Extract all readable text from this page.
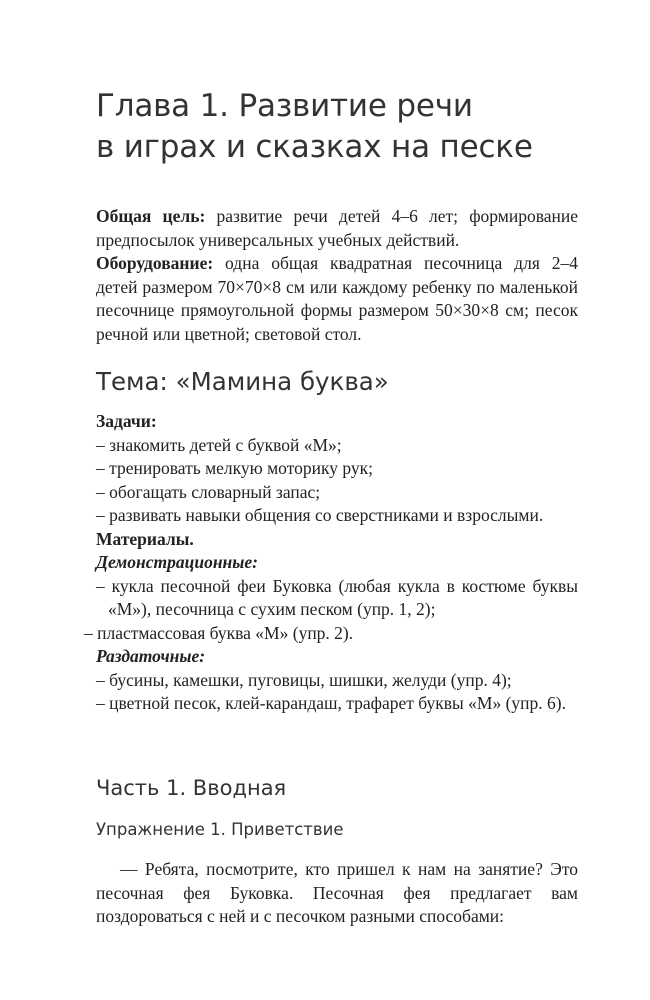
Глава 1. Развитие речи
в играх и сказках на песке

Общая цель: развитие речи детей 4–6 лет; формирование предпосылок универсальных учебных действий.

Оборудование: одна общая квадратная песочница для 2–4 детей размером 70×70×8 см или каждому ребенку по маленькой песочнице прямоугольной формы размером 50×30×8 см; песок речной или цветной; световой стол.

Тема: «Мамина буква»

Задачи:

– знакомить детей с буквой «М»;

– тренировать мелкую моторику рук;

– обогащать словарный запас;

– развивать навыки общения со сверстниками и взрослыми.

Материалы.

Демонстрационные:

– кукла песочной феи Буковка (любая кукла в костюме буквы «М»), песочница с сухим песком (упр. 1, 2);

– пластмассовая буква «М» (упр. 2).

Раздаточные:

– бусины, камешки, пуговицы, шишки, желуди (упр. 4);

– цветной песок, клей-карандаш, трафарет буквы «М» (упр. 6).

Часть 1. Вводная
Упражнение 1. Приветствие

— Ребята, посмотрите, кто пришел к нам на занятие? Это песочная фея Буковка. Песочная фея предлагает вам поздороваться с ней и с песочком разными способами:
